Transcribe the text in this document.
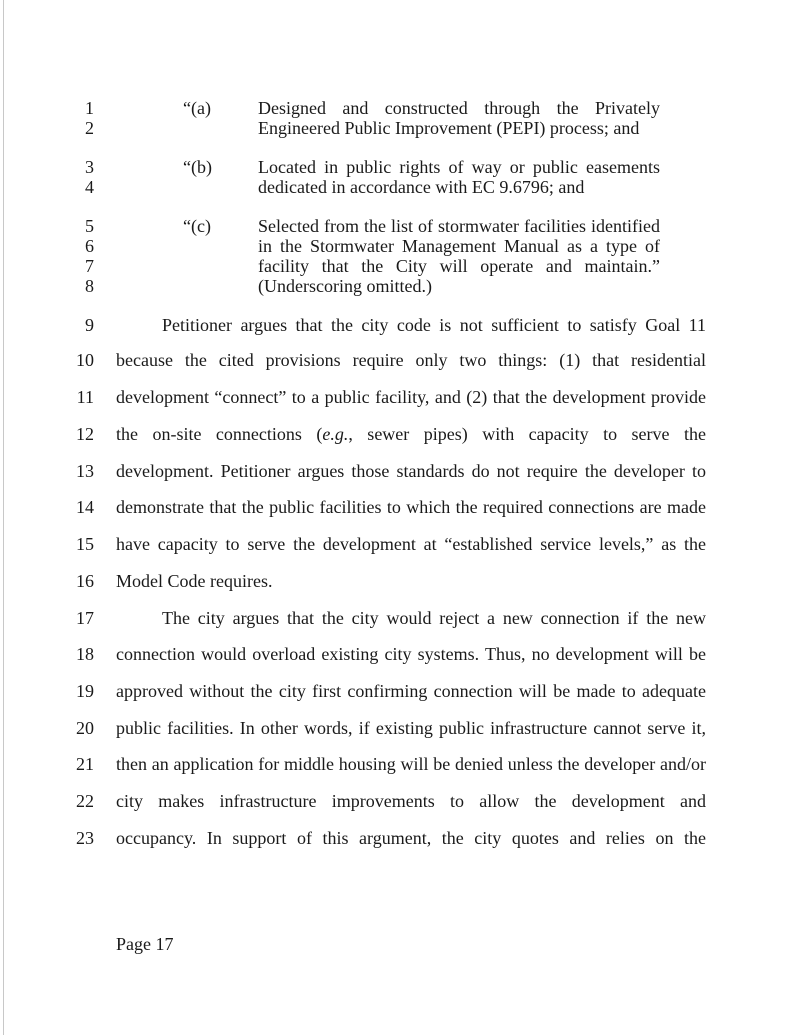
1
2
3
4
5
6
7
8
9
10
11
12
13
14
15
16
17
18
19
20
21
22
23
“(a)	Designed and constructed through the Privately
Engineered Public Improvement (PEPI) process; and
“(b)	Located in public rights of way or public easements
dedicated in accordance with EC 9.6796; and
“(c)	Selected from the list of stormwater facilities identified
in the Stormwater Management Manual as a type of
facility that the City will operate and maintain.”
(Underscoring omitted.)
Petitioner argues that the city code is not sufficient to satisfy Goal 11
because the cited provisions require only two things: (1) that residential
development “connect” to a public facility, and (2) that the development provide
the on-site connections (e.g., sewer pipes) with capacity to serve the
development. Petitioner argues those standards do not require the developer to
demonstrate that the public facilities to which the required connections are made
have capacity to serve the development at “established service levels,” as the
Model Code requires.
The city argues that the city would reject a new connection if the new
connection would overload existing city systems. Thus, no development will be
approved without the city first confirming connection will be made to adequate
public facilities. In other words, if existing public infrastructure cannot serve it,
then an application for middle housing will be denied unless the developer and/or
city makes infrastructure improvements to allow the development and
occupancy. In support of this argument, the city quotes and relies on the
Page 17
